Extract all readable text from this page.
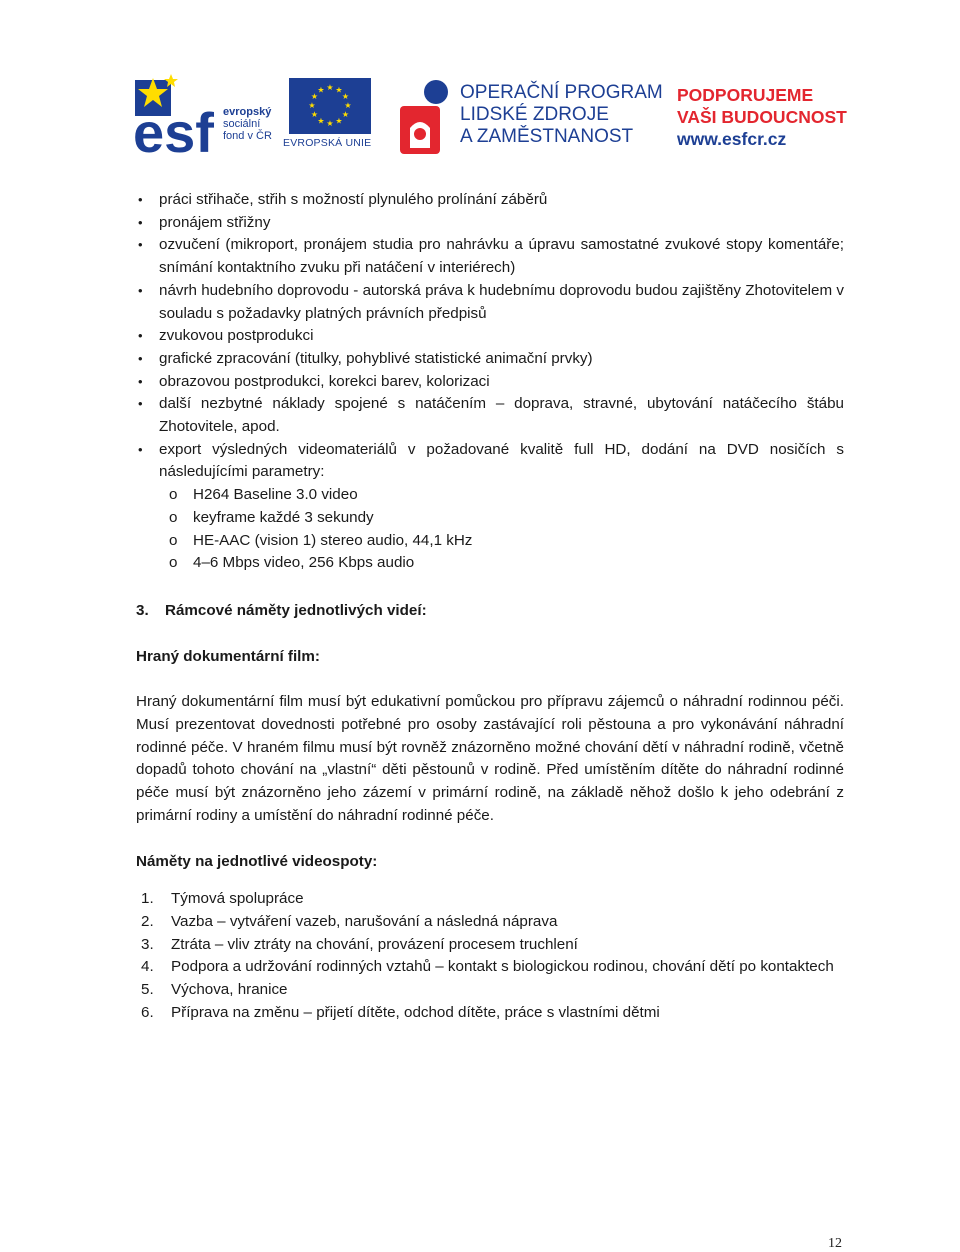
esf evropský
sociální
fond v ČR
★ ★
★
★
★
★
★
★
★
★
★
★
EVROPSKÁ UNIE
OPERAČNÍ PROGRAM
LIDSKÉ ZDROJE
A ZAMĚSTNANOST
PODPORUJEME
VAŠI BUDOUCNOST
www.esfcr.cz
• práci střihače, střih s možností plynulého prolínání záběrů
• pronájem střižny
• ozvučení (mikroport, pronájem studia pro nahrávku a úpravu samostatné zvukové stopy komentáře; snímání kontaktního zvuku při natáčení v interiérech)
• návrh hudebního doprovodu - autorská práva k hudebnímu doprovodu budou zajištěny Zhotovitelem v souladu s požadavky platných právních předpisů
• zvukovou postprodukci
• grafické zpracování (titulky, pohyblivé statistické animační prvky)
• obrazovou postprodukci, korekci barev, kolorizaci
• další nezbytné náklady spojené s natáčením – doprava, stravné, ubytování natáčecího štábu Zhotovitele, apod.
• export výsledných videomateriálů v požadované kvalitě full HD, dodání na DVD nosičích s následujícími parametry:
o H264 Baseline 3.0 video
o keyframe každé 3 sekundy
o HE-AAC (vision 1) stereo audio, 44,1 kHz
o 4–6 Mbps video, 256 Kbps audio
3. Rámcové náměty jednotlivých videí:
Hraný dokumentární film:
Hraný dokumentární film musí být edukativní pomůckou pro přípravu zájemců o náhradní rodinnou péči. Musí prezentovat dovednosti potřebné pro osoby zastávající roli pěstouna a pro vykonávání náhradní rodinné péče. V hraném filmu musí být rovněž znázorněno možné chování dětí v náhradní rodině, včetně dopadů tohoto chování na „vlastní“ děti pěstounů v rodině. Před umístěním dítěte do náhradní rodinné péče musí být znázorněno jeho zázemí v primární rodině, na základě něhož došlo k jeho odebrání z primární rodiny a umístění do náhradní rodinné péče.
Náměty na jednotlivé videospoty:
1. Týmová spolupráce
2. Vazba – vytváření vazeb, narušování a následná náprava
3. Ztráta – vliv ztráty na chování, provázení procesem truchlení
4. Podpora a udržování rodinných vztahů – kontakt s biologickou rodinou, chování dětí po kontaktech
5. Výchova, hranice
6. Příprava na změnu – přijetí dítěte, odchod dítěte, práce s vlastními dětmi
12
